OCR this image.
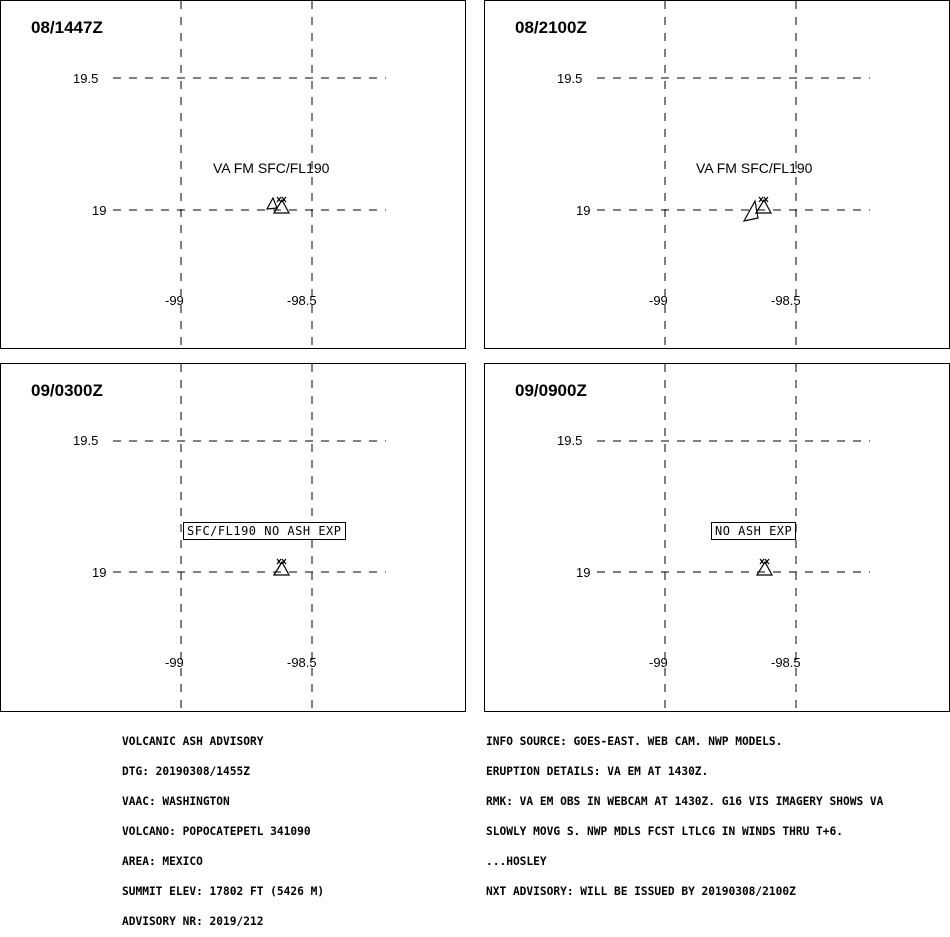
08/1447Z
19.5
19
-99	-98.5
VA FM SFC/FL190
08/2100Z
19.5
19
-99	-98.5
VA FM SFC/FL190
09/0300Z
19.5
19
-99	-98.5
SFC/FL190 NO ASH EXP
09/0900Z
19.5
19
-99	-98.5
NO ASH EXP

VOLCANIC ASH ADVISORY

DTG: 20190308/1455Z

VAAC: WASHINGTON

VOLCANO: POPOCATEPETL 341090

AREA: MEXICO

SUMMIT ELEV: 17802 FT (5426 M)

ADVISORY NR: 2019/212

INFO SOURCE: GOES-EAST. WEB CAM. NWP MODELS.

ERUPTION DETAILS: VA EM AT 1430Z.

RMK: VA EM OBS IN WEBCAM AT 1430Z. G16 VIS IMAGERY SHOWS VA

SLOWLY MOVG S. NWP MDLS FCST LTLCG IN WINDS THRU T+6.

...HOSLEY

NXT ADVISORY: WILL BE ISSUED BY 20190308/2100Z
